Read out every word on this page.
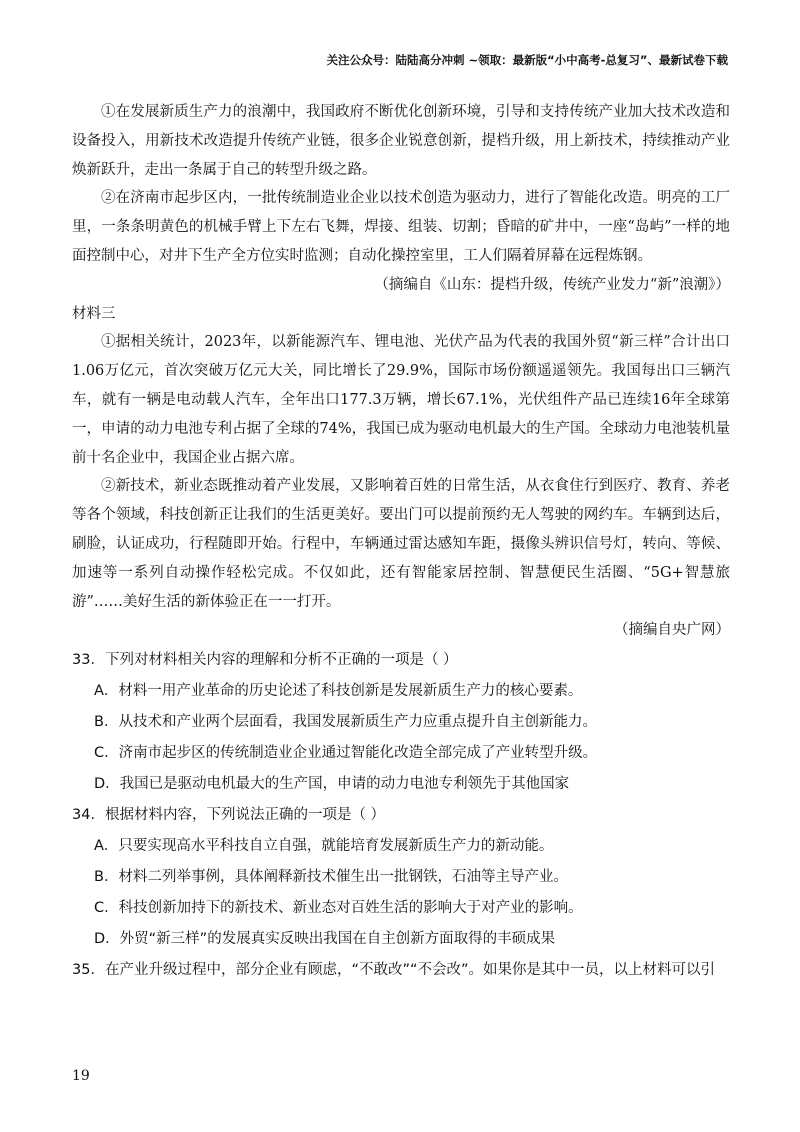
关注公众号：陆陆高分冲刺 ~领取：最新版“小中高考-总复习”、最新试卷下载

①在发展新质生产力的浪潮中，我国政府不断优化创新环境，引导和支持传统产业加大技术改造和设备投入，用新技术改造提升传统产业链，很多企业锐意创新，提档升级，用上新技术，持续推动产业焕新跃升，走出一条属于自己的转型升级之路。

②在济南市起步区内，一批传统制造业企业以技术创造为驱动力，进行了智能化改造。明亮的工厂里，一条条明黄色的机械手臂上下左右飞舞，焊接、组装、切割；昏暗的矿井中，一座“岛屿”一样的地面控制中心，对井下生产全方位实时监测；自动化操控室里，工人们隔着屏幕在远程炼钢。

（摘编自《山东：提档升级，传统产业发力“新”浪潮》）

材料三

①据相关统计，2023年，以新能源汽车、锂电池、光伏产品为代表的我国外贸“新三样”合计出口1.06万亿元，首次突破万亿元大关，同比增长了29.9%，国际市场份额遥遥领先。我国每出口三辆汽车，就有一辆是电动载人汽车，全年出口177.3万辆，增长67.1%，光伏组件产品已连续16年全球第一，申请的动力电池专利占据了全球的74%，我国已成为驱动电机最大的生产国。全球动力电池装机量前十名企业中，我国企业占据六席。

②新技术，新业态既推动着产业发展，又影响着百姓的日常生活，从衣食住行到医疗、教育、养老等各个领域，科技创新正让我们的生活更美好。要出门可以提前预约无人驾驶的网约车。车辆到达后，刷脸，认证成功，行程随即开始。行程中，车辆通过雷达感知车距，摄像头辨识信号灯，转向、等候、加速等一系列自动操作轻松完成。不仅如此，还有智能家居控制、智慧便民生活圈、“5G+智慧旅游”……美好生活的新体验正在一一打开。

（摘编自央广网）

33．下列对材料相关内容的理解和分析不正确的一项是（ ）

A．材料一用产业革命的历史论述了科技创新是发展新质生产力的核心要素。

B．从技术和产业两个层面看，我国发展新质生产力应重点提升自主创新能力。

C．济南市起步区的传统制造业企业通过智能化改造全部完成了产业转型升级。

D．我国已是驱动电机最大的生产国，申请的动力电池专利领先于其他国家

34．根据材料内容，下列说法正确的一项是（ ）

A．只要实现高水平科技自立自强，就能培育发展新质生产力的新动能。

B．材料二列举事例，具体阐释新技术催生出一批钢铁，石油等主导产业。

C．科技创新加持下的新技术、新业态对百姓生活的影响大于对产业的影响。

D．外贸“新三样”的发展真实反映出我国在自主创新方面取得的丰硕成果

35．在产业升级过程中，部分企业有顾虑，“不敢改”“不会改”。如果你是其中一员，以上材料可以引

19
